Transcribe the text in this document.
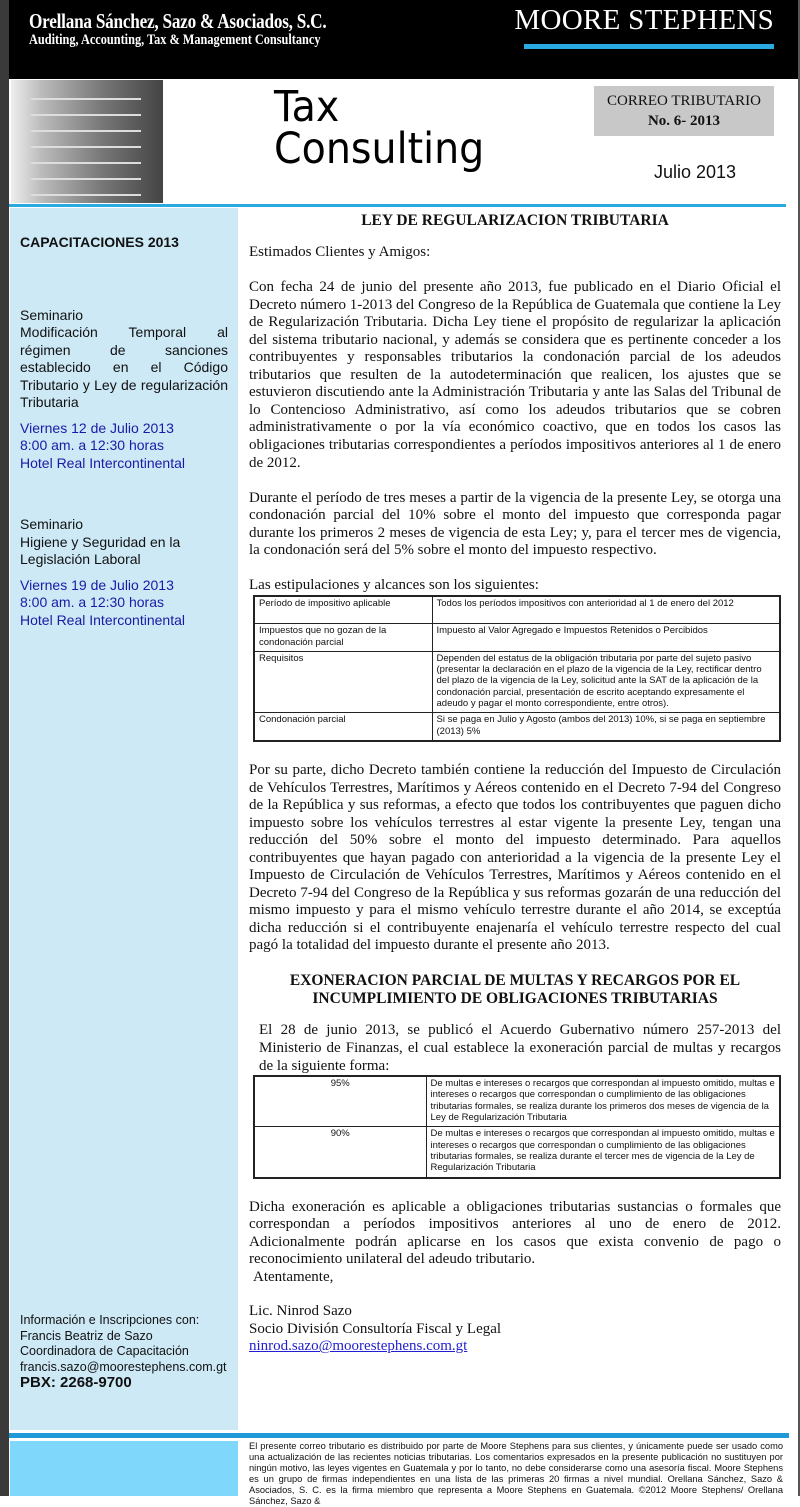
Orellana Sánchez, Sazo & Asociados, S.C.
Auditing, Accounting, Tax & Management Consultancy
MOORE STEPHENS
Tax
Consulting
CORREO TRIBUTARIO
No. 6- 2013
Julio 2013
CAPACITACIONES 2013
Seminario
Modificación Temporal al régimen de sanciones establecido en el Código Tributario y Ley de regularización Tributaria
Viernes 12 de Julio 2013
8:00 am. a 12:30 horas
Hotel Real Intercontinental
Seminario
Higiene y Seguridad en la Legislación Laboral
Viernes 19 de Julio 2013
8:00 am. a 12:30 horas
Hotel Real Intercontinental
Información e Inscripciones con:
Francis Beatriz de Sazo
Coordinadora de Capacitación
francis.sazo@moorestephens.com.gt
PBX: 2268-9700
LEY DE REGULARIZACION TRIBUTARIA

Estimados Clientes y Amigos:

Con fecha 24 de junio del presente año 2013, fue publicado en el Diario Oficial el Decreto número 1-2013 del Congreso de la República de Guatemala que contiene la Ley de Regularización Tributaria. Dicha Ley tiene el propósito de regularizar la aplicación del sistema tributario nacional, y además se considera que es pertinente conceder a los contribuyentes y responsables tributarios la condonación parcial de los adeudos tributarios que resulten de la autodeterminación que realicen, los ajustes que se estuvieron discutiendo ante la Administración Tributaria y ante las Salas del Tribunal de lo Contencioso Administrativo, así como los adeudos tributarios que se cobren administrativamente o por la vía económico coactivo, que en todos los casos las obligaciones tributarias correspondientes a períodos impositivos anteriores al 1 de enero de 2012.

Durante el período de tres meses a partir de la vigencia de la presente Ley, se otorga una condonación parcial del 10% sobre el monto del impuesto que corresponda pagar durante los primeros 2 meses de vigencia de esta Ley; y, para el tercer mes de vigencia, la condonación será del 5% sobre el monto del impuesto respectivo.

Las estipulaciones y alcances son los siguientes:

Período de impositivo aplicable	Todos los períodos impositivos con anterioridad al 1 de enero del 2012
Impuestos que no gozan de la condonación parcial	Impuesto al Valor Agregado e Impuestos Retenidos o Percibidos
Requisitos	Dependen del estatus de la obligación tributaria por parte del sujeto pasivo (presentar la declaración en el plazo de la vigencia de la Ley, rectificar dentro del plazo de la vigencia de la Ley, solicitud ante la SAT de la aplicación de la condonación parcial, presentación de escrito aceptando expresamente el adeudo y pagar el monto correspondiente, entre otros).
Condonación parcial	Si se paga en Julio y Agosto (ambos del 2013) 10%, si se paga en septiembre (2013) 5%

Por su parte, dicho Decreto también contiene la reducción del Impuesto de Circulación de Vehículos Terrestres, Marítimos y Aéreos contenido en el Decreto 7-94 del Congreso de la República y sus reformas, a efecto que todos los contribuyentes que paguen dicho impuesto sobre los vehículos terrestres al estar vigente la presente Ley, tengan una reducción del 50% sobre el monto del impuesto determinado. Para aquellos contribuyentes que hayan pagado con anterioridad a la vigencia de la presente Ley el Impuesto de Circulación de Vehículos Terrestres, Marítimos y Aéreos contenido en el Decreto 7-94 del Congreso de la República y sus reformas gozarán de una reducción del mismo impuesto y para el mismo vehículo terrestre durante el año 2014, se exceptúa dicha reducción si el contribuyente enajenaría el vehículo terrestre respecto del cual pagó la totalidad del impuesto durante el presente año 2013.

EXONERACION PARCIAL DE MULTAS Y RECARGOS POR EL INCUMPLIMIENTO DE OBLIGACIONES TRIBUTARIAS

El 28 de junio 2013, se publicó el Acuerdo Gubernativo número 257-2013 del Ministerio de Finanzas, el cual establece la exoneración parcial de multas y recargos de la siguiente forma:

95%	De multas e intereses o recargos que correspondan al impuesto omitido, multas e intereses o recargos que correspondan o cumplimiento de las obligaciones tributarias formales, se realiza durante los primeros dos meses de vigencia de la Ley de Regularización Tributaria
90%	De multas e intereses o recargos que correspondan al impuesto omitido, multas e intereses o recargos que correspondan o cumplimiento de las obligaciones tributarias formales, se realiza durante el tercer mes de vigencia de la Ley de Regularización Tributaria

Dicha exoneración es aplicable a obligaciones tributarias sustancias o formales que correspondan a períodos impositivos anteriores al uno de enero de 2012. Adicionalmente podrán aplicarse en los casos que exista convenio de pago o reconocimiento unilateral del adeudo tributario.

Atentamente,
Lic. Ninrod Sazo
Socio División Consultoría Fiscal y Legal
ninrod.sazo@moorestephens.com.gt
El presente correo tributario es distribuido por parte de Moore Stephens para sus clientes, y únicamente puede ser usado como una actualización de las recientes noticias tributarias. Los comentarios expresados en la presente publicación no sustituyen por ningún motivo, las leyes vigentes en Guatemala y por lo tanto, no debe considerarse como una asesoría fiscal. Moore Stephens es un grupo de firmas independientes en una lista de las primeras 20 firmas a nivel mundial. Orellana Sánchez, Sazo & Asociados, S. C. es la firma miembro que representa a Moore Stephens en Guatemala. ©2012 Moore Stephens/ Orellana Sánchez, Sazo &
